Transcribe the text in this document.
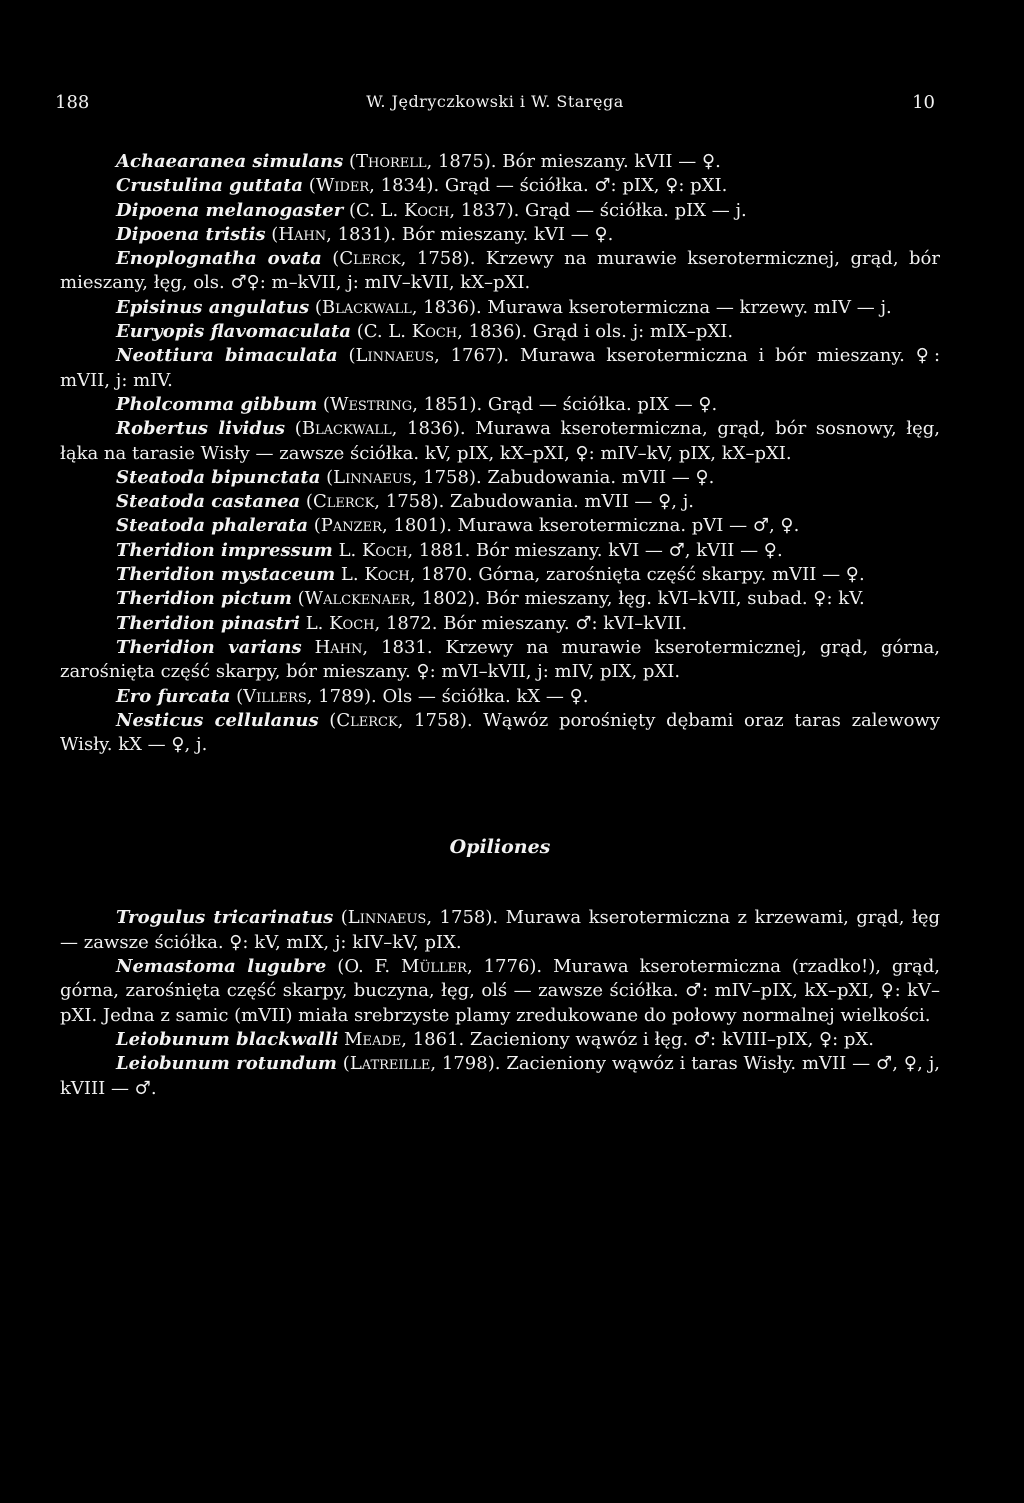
188	W. Jędryczkowski i W. Staręga	10

Achaearanea simulans (Thorell, 1875). Bór mieszany. kVII — ♀.

Crustulina guttata (Wider, 1834). Grąd — ściółka. ♂: pIX, ♀: pXI.

Dipoena melanogaster (C. L. Koch, 1837). Grąd — ściółka. pIX — j.

Dipoena tristis (Hahn, 1831). Bór mieszany. kVI — ♀.

Enoplognatha ovata (Clerck, 1758). Krzewy na murawie kserotermicznej, grąd, bór mieszany, łęg, ols. ♂♀: m–kVII, j: mIV–kVII, kX–pXI.

Episinus angulatus (Blackwall, 1836). Murawa kserotermiczna — krzewy. mIV — j.

Euryopis flavomaculata (C. L. Koch, 1836). Grąd i ols. j: mIX–pXI.

Neottiura bimaculata (Linnaeus, 1767). Murawa kserotermiczna i bór mieszany. ♀: mVII, j: mIV.

Pholcomma gibbum (Westring, 1851). Grąd — ściółka. pIX — ♀.

Robertus lividus (Blackwall, 1836). Murawa kserotermiczna, grąd, bór sosnowy, łęg, łąka na tarasie Wisły — zawsze ściółka. kV, pIX, kX–pXI, ♀: mIV–kV, pIX, kX–pXI.

Steatoda bipunctata (Linnaeus, 1758). Zabudowania. mVII — ♀.

Steatoda castanea (Clerck, 1758). Zabudowania. mVII — ♀, j.

Steatoda phalerata (Panzer, 1801). Murawa kserotermiczna. pVI — ♂, ♀.

Theridion impressum L. Koch, 1881. Bór mieszany. kVI — ♂, kVII — ♀.

Theridion mystaceum L. Koch, 1870. Górna, zarośnięta część skarpy. mVII — ♀.

Theridion pictum (Walckenaer, 1802). Bór mieszany, łęg. kVI–kVII, subad. ♀: kV.

Theridion pinastri L. Koch, 1872. Bór mieszany. ♂: kVI–kVII.

Theridion varians Hahn, 1831. Krzewy na murawie kserotermicznej, grąd, górna, zarośnięta część skarpy, bór mieszany. ♀: mVI–kVII, j: mIV, pIX, pXI.

Ero furcata (Villers, 1789). Ols — ściółka. kX — ♀.

Nesticus cellulanus (Clerck, 1758). Wąwóz porośnięty dębami oraz taras zalewowy Wisły. kX — ♀, j.

Opiliones

Trogulus tricarinatus (Linnaeus, 1758). Murawa kserotermiczna z krzewami, grąd, łęg — zawsze ściółka. ♀: kV, mIX, j: kIV–kV, pIX.

Nemastoma lugubre (O. F. Müller, 1776). Murawa kserotermiczna (rzadko!), grąd, górna, zarośnięta część skarpy, buczyna, łęg, olś — zawsze ściółka. ♂: mIV–pIX, kX–pXI, ♀: kV–pXI. Jedna z samic (mVII) miała srebrzyste plamy zredukowane do połowy normalnej wielkości.

Leiobunum blackwalli Meade, 1861. Zacieniony wąwóz i łęg. ♂: kVIII–pIX, ♀: pX.

Leiobunum rotundum (Latreille, 1798). Zacieniony wąwóz i taras Wisły. mVII — ♂, ♀, j, kVIII — ♂.
